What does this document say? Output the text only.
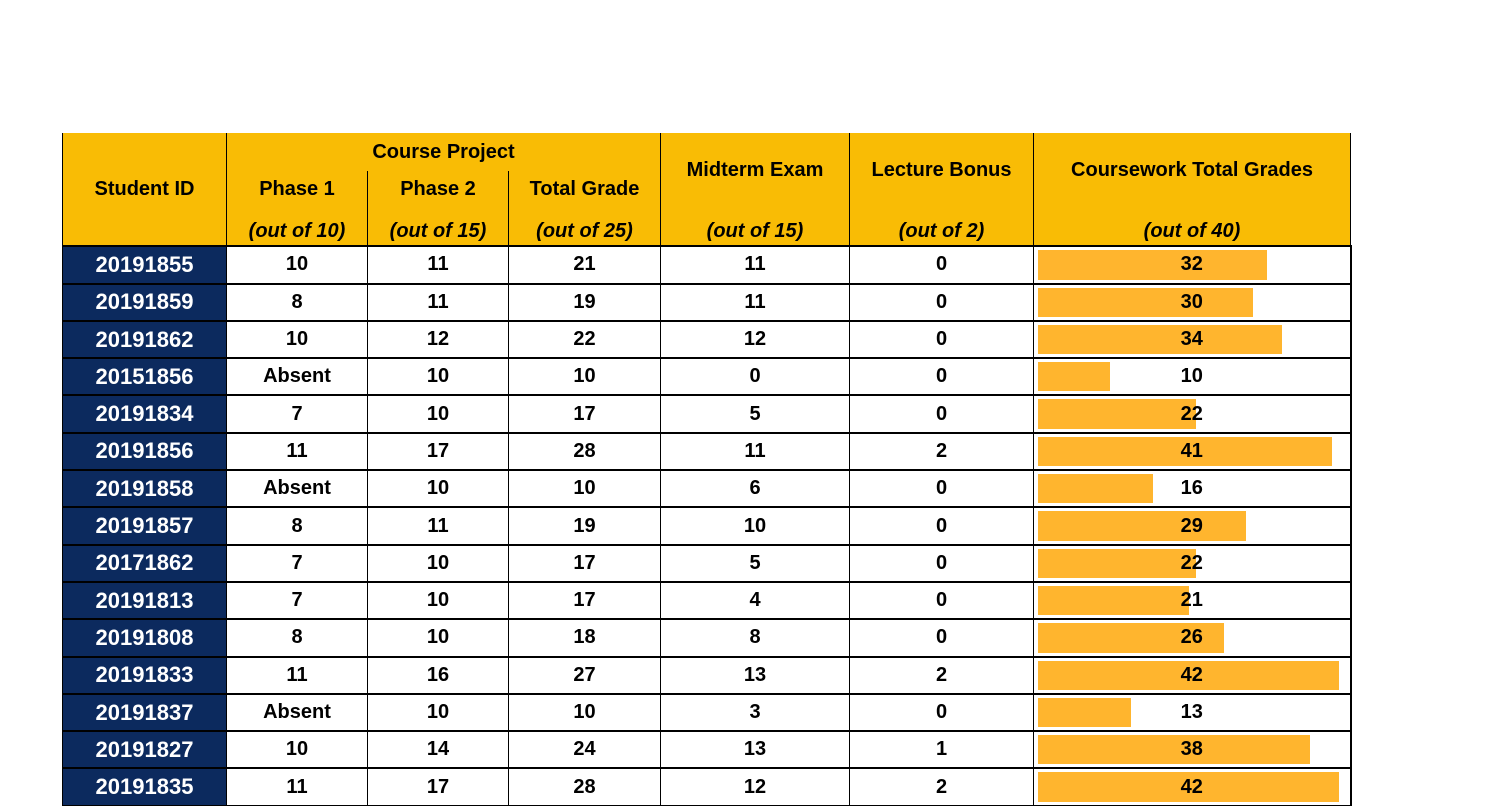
Student ID	Course Project			Midterm Exam	Lecture Bonus	Coursework Total Grades
	Phase 1	Phase 2	Total Grade			
	(out of 10)	(out of 15)	(out of 25)	(out of 15)	(out of 2)	(out of 40)
20191855	10	11	21	11	0	32
20191859	8	11	19	11	0	30
20191862	10	12	22	12	0	34
20151856	Absent	10	10	0	0	10
20191834	7	10	17	5	0	22
20191856	11	17	28	11	2	41
20191858	Absent	10	10	6	0	16
20191857	8	11	19	10	0	29
20171862	7	10	17	5	0	22
20191813	7	10	17	4	0	21
20191808	8	10	18	8	0	26
20191833	11	16	27	13	2	42
20191837	Absent	10	10	3	0	13
20191827	10	14	24	13	1	38
20191835	11	17	28	12	2	42
